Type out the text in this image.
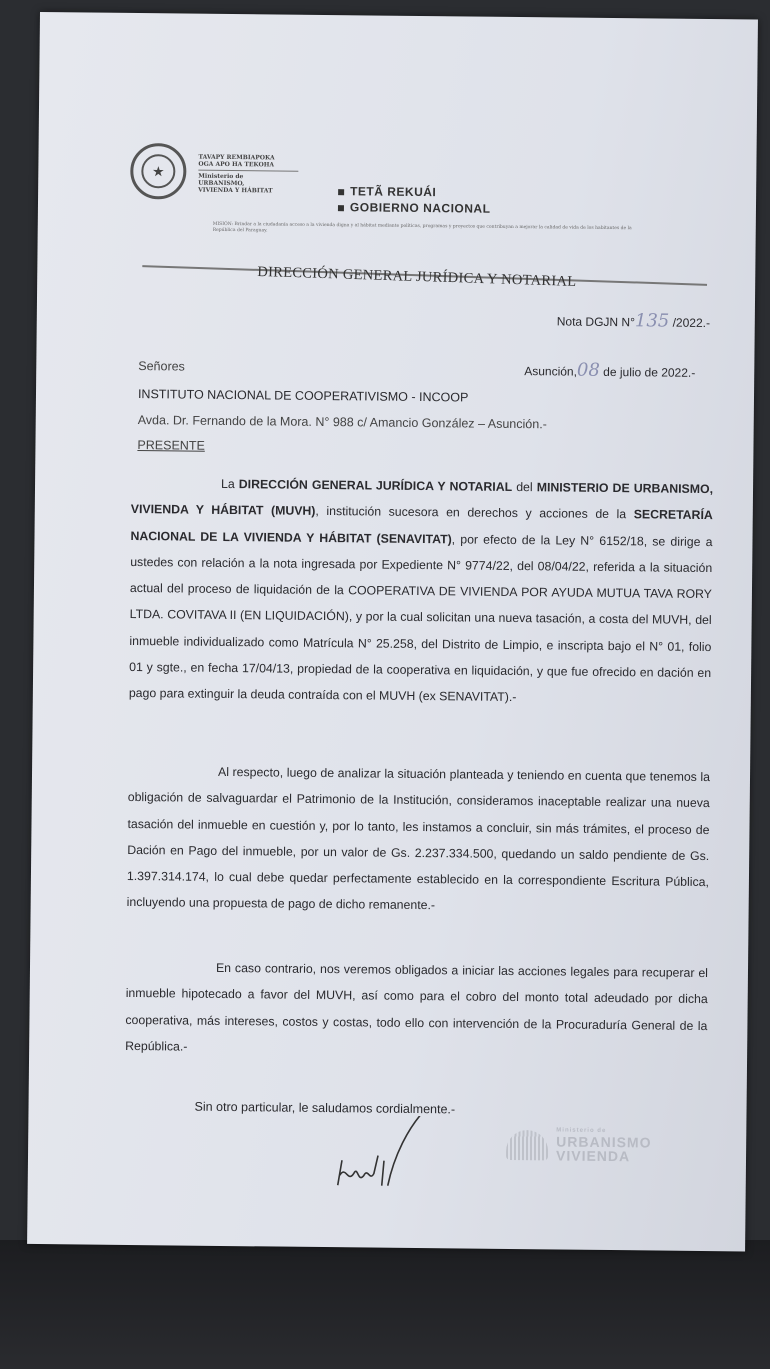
★
TAVAPY REMBIAPOKA
OGA APO HA TEKOHA
Ministerio de
URBANISMO,
VIVIENDA Y HÁBITAT	TETÃ REKUÁI
GOBIERNO NACIONAL
MISIÓN: Brindar a la ciudadanía acceso a la vivienda digna y al hábitat mediante políticas, programas y proyectos que contribuyan a mejorar la calidad de vida de los habitantes de la República del Paraguay.
DIRECCIÓN GENERAL JURÍDICA Y NOTARIAL
Nota DGJN N°135 /2022.-
Señores	Asunción,08 de julio de 2022.-
INSTITUTO NACIONAL DE COOPERATIVISMO - INCOOP
Avda. Dr. Fernando de la Mora. N° 988 c/ Amancio González – Asunción.-
PRESENTE
La DIRECCIÓN GENERAL JURÍDICA Y NOTARIAL del MINISTERIO DE URBANISMO, VIVIENDA Y HÁBITAT (MUVH), institución sucesora en derechos y acciones de la SECRETARÍA NACIONAL DE LA VIVIENDA Y HÁBITAT (SENAVITAT), por efecto de la Ley N° 6152/18, se dirige a ustedes con relación a la nota ingresada por Expediente N° 9774/22, del 08/04/22, referida a la situación actual del proceso de liquidación de la COOPERATIVA DE VIVIENDA POR AYUDA MUTUA TAVA RORY LTDA. COVITAVA II (EN LIQUIDACIÓN), y por la cual solicitan una nueva tasación, a costa del MUVH, del inmueble individualizado como Matrícula N° 25.258, del Distrito de Limpio, e inscripta bajo el N° 01, folio 01 y sgte., en fecha 17/04/13, propiedad de la cooperativa en liquidación, y que fue ofrecido en dación en pago para extinguir la deuda contraída con el MUVH (ex SENAVITAT).-
Al respecto, luego de analizar la situación planteada y teniendo en cuenta que tenemos la obligación de salvaguardar el Patrimonio de la Institución, consideramos inaceptable realizar una nueva tasación del inmueble en cuestión y, por lo tanto, les instamos a concluir, sin más trámites, el proceso de Dación en Pago del inmueble, por un valor de Gs. 2.237.334.500, quedando un saldo pendiente de Gs. 1.397.314.174, lo cual debe quedar perfectamente establecido en la correspondiente Escritura Pública, incluyendo una propuesta de pago de dicho remanente.-
En caso contrario, nos veremos obligados a iniciar las acciones legales para recuperar el inmueble hipotecado a favor del MUVH, así como para el cobro del monto total adeudado por dicha cooperativa, más intereses, costos y costas, todo ello con intervención de la Procuraduría General de la República.-
Sin otro particular, le saludamos cordialmente.-
Ministerio de
URBANISMO
VIVIENDA
